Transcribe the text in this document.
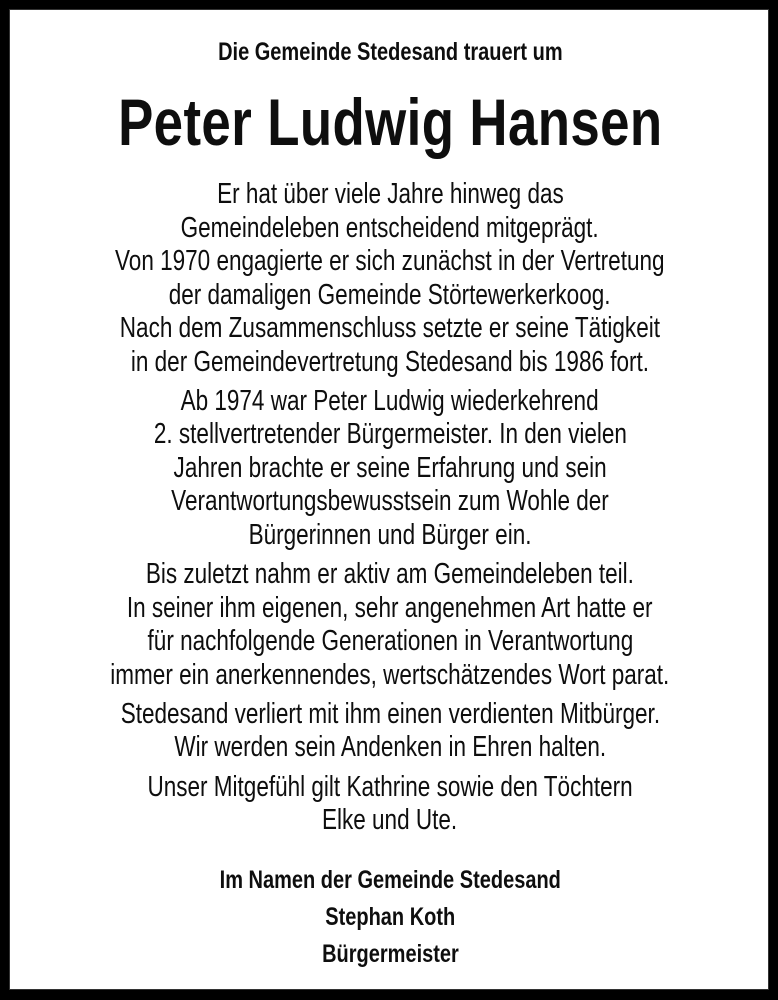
Die Gemeinde Stedesand trauert um
Peter Ludwig Hansen
Er hat über viele Jahre hinweg das
Gemeindeleben entscheidend mitgeprägt.
Von 1970 engagierte er sich zunächst in der Vertretung
der damaligen Gemeinde Störtewerkerkoog.
Nach dem Zusammenschluss setzte er seine Tätigkeit
in der Gemeindevertretung Stedesand bis 1986 fort.
Ab 1974 war Peter Ludwig wiederkehrend
2. stellvertretender Bürgermeister. In den vielen
Jahren brachte er seine Erfahrung und sein
Verantwortungsbewusstsein zum Wohle der
Bürgerinnen und Bürger ein.
Bis zuletzt nahm er aktiv am Gemeindeleben teil.
In seiner ihm eigenen, sehr angenehmen Art hatte er
für nachfolgende Generationen in Verantwortung
immer ein anerkennendes, wertschätzendes Wort parat.
Stedesand verliert mit ihm einen verdienten Mitbürger.
Wir werden sein Andenken in Ehren halten.
Unser Mitgefühl gilt Kathrine sowie den Töchtern
Elke und Ute.
Im Namen der Gemeinde Stedesand
Stephan Koth
Bürgermeister
